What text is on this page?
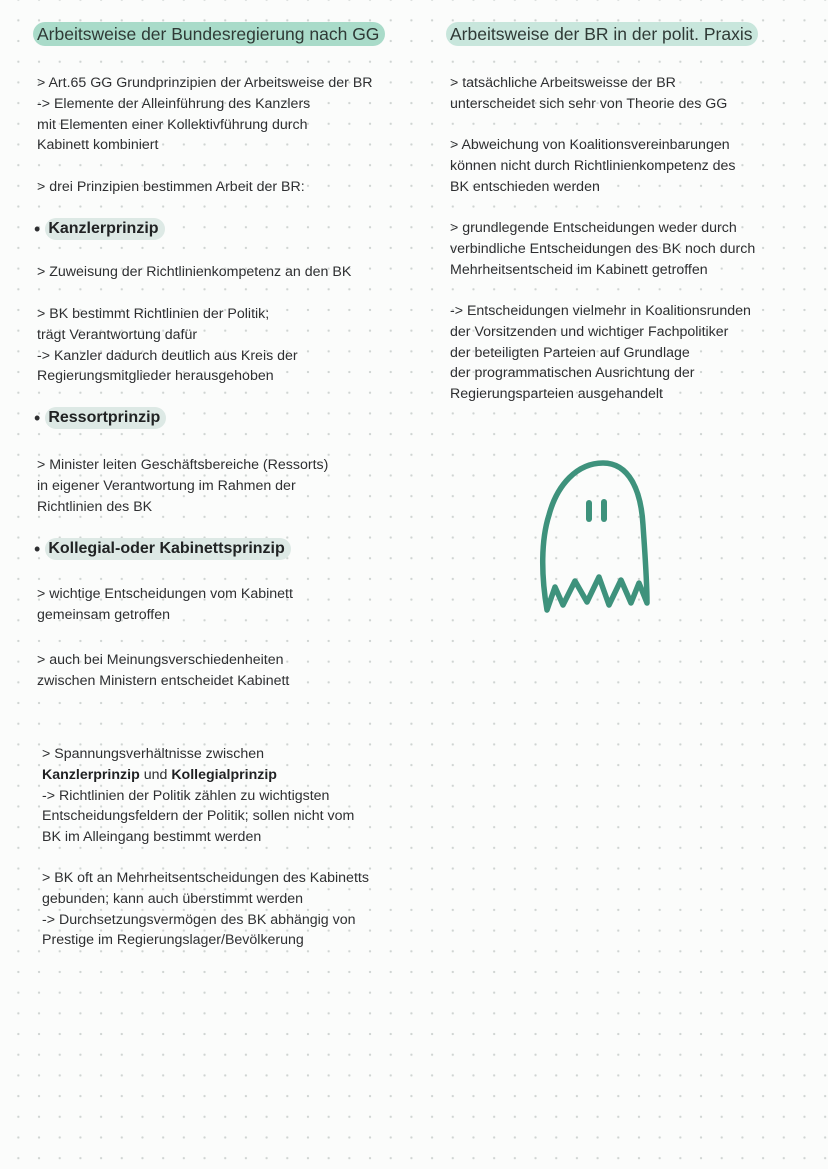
Arbeitsweise der Bundesregierung nach GG
> Art.65 GG Grundprinzipien der Arbeitsweise der BR
-> Elemente der Alleinführung des Kanzlers
mit Elementen einer Kollektivführung durch
Kabinett kombiniert
> drei Prinzipien bestimmen Arbeit der BR:
• Kanzlerprinzip
> Zuweisung der Richtlinienkompetenz an den BK
> BK bestimmt Richtlinien der Politik;
trägt Verantwortung dafür
-> Kanzler dadurch deutlich aus Kreis der
Regierungsmitglieder herausgehoben
• Ressortprinzip
> Minister leiten Geschäftsbereiche (Ressorts)
in eigener Verantwortung im Rahmen der
Richtlinien des BK
• Kollegial-oder Kabinettsprinzip
> wichtige Entscheidungen vom Kabinett
gemeinsam getroffen
> auch bei Meinungsverschiedenheiten
zwischen Ministern entscheidet Kabinett
> Spannungsverhältnisse zwischen
Kanzlerprinzip und Kollegialprinzip
-> Richtlinien der Politik zählen zu wichtigsten
Entscheidungsfeldern der Politik; sollen nicht vom
BK im Alleingang bestimmt werden
> BK oft an Mehrheitsentscheidungen des Kabinetts
gebunden; kann auch überstimmt werden
-> Durchsetzungsvermögen des BK abhängig von
Prestige im Regierungslager/Bevölkerung
Arbeitsweise der BR in der polit. Praxis
> tatsächliche Arbeitsweisse der BR
unterscheidet sich sehr von Theorie des GG
> Abweichung von Koalitionsvereinbarungen
können nicht durch Richtlinienkompetenz des
BK entschieden werden
> grundlegende Entscheidungen weder durch
verbindliche Entscheidungen des BK noch durch
Mehrheitsentscheid im Kabinett getroffen
-> Entscheidungen vielmehr in Koalitionsrunden
der Vorsitzenden und wichtiger Fachpolitiker
der beteiligten Parteien auf Grundlage
der programmatischen Ausrichtung der
Regierungsparteien ausgehandelt
